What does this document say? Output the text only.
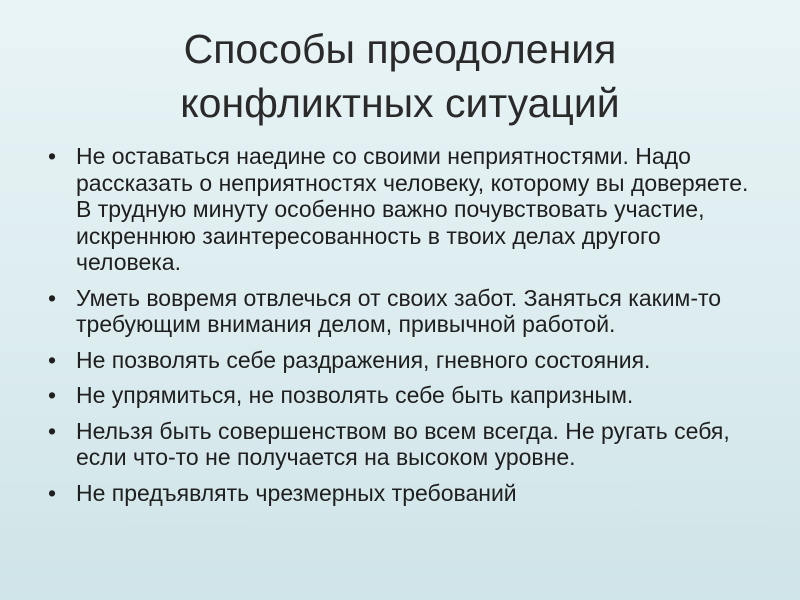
Способы преодоления
конфликтных ситуаций
• Не оставаться наедине со своими неприятностями. Надо рассказать о неприятностях человеку, которому вы доверяете. В трудную минуту особенно важно почувствовать участие, искреннюю заинтересованность в твоих делах другого человека.
• Уметь вовремя отвлечься от своих забот. Заняться каким-то требующим внимания делом, привычной работой.
• Не позволять себе раздражения, гневного состояния.
• Не упрямиться, не позволять себе быть капризным.
• Нельзя быть совершенством во всем всегда. Не ругать себя, если что-то не получается на высоком уровне.
• Не предъявлять чрезмерных требований
